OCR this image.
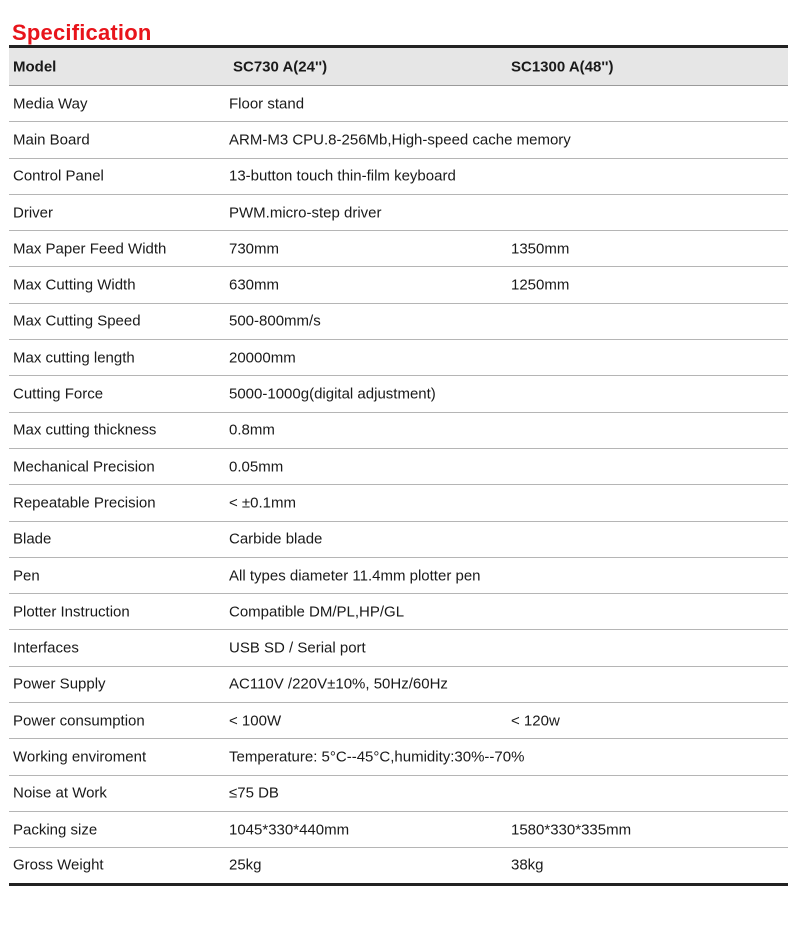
Specification
Model	SC730 A(24'')	SC1300 A(48'')
Media Way	Floor stand
Main Board	ARM-M3 CPU.8-256Mb,High-speed cache memory
Control Panel	13-button touch thin-film keyboard
Driver	PWM.micro-step driver
Max Paper Feed Width	730mm	1350mm
Max Cutting Width	630mm	1250mm
Max Cutting Speed	500-800mm/s
Max cutting length	20000mm
Cutting Force	5000-1000g(digital adjustment)
Max cutting thickness	0.8mm
Mechanical Precision	0.05mm
Repeatable Precision	< ±0.1mm
Blade	Carbide blade
Pen	All types diameter 11.4mm plotter pen
Plotter Instruction	Compatible DM/PL,HP/GL
Interfaces	USB SD / Serial port
Power Supply	AC110V /220V±10%, 50Hz/60Hz
Power consumption	< 100W	< 120w
Working enviroment	Temperature: 5°C--45°C,humidity:30%--70%
Noise at Work	≤75 DB
Packing size	1045*330*440mm	1580*330*335mm
Gross Weight	25kg	38kg
